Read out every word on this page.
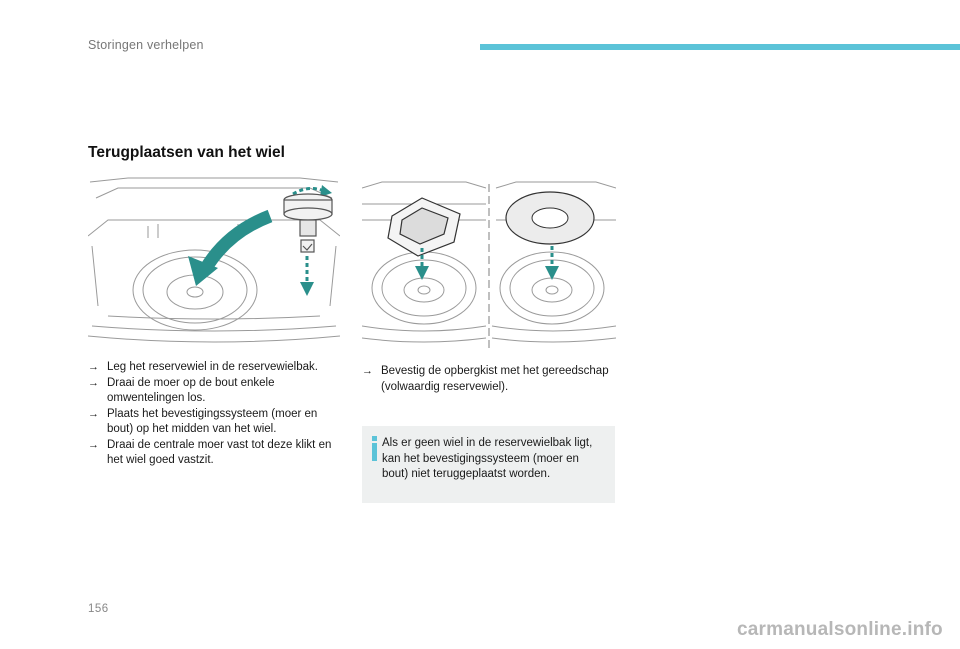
Storingen verhelpen
Terugplaatsen van het wiel
→ Leg het reservewiel in de reservewielbak.
→ Draai de moer op de bout enkele omwentelingen los.
→ Plaats het bevestigingssysteem (moer en bout) op het midden van het wiel.
→ Draai de centrale moer vast tot deze klikt en het wiel goed vastzit.
→ Bevestig de opbergkist met het gereedschap (volwaardig reservewiel).
Als er geen wiel in de reservewielbak ligt, kan het bevestigingssysteem (moer en bout) niet teruggeplaatst worden.
156
carmanualsonline.info
